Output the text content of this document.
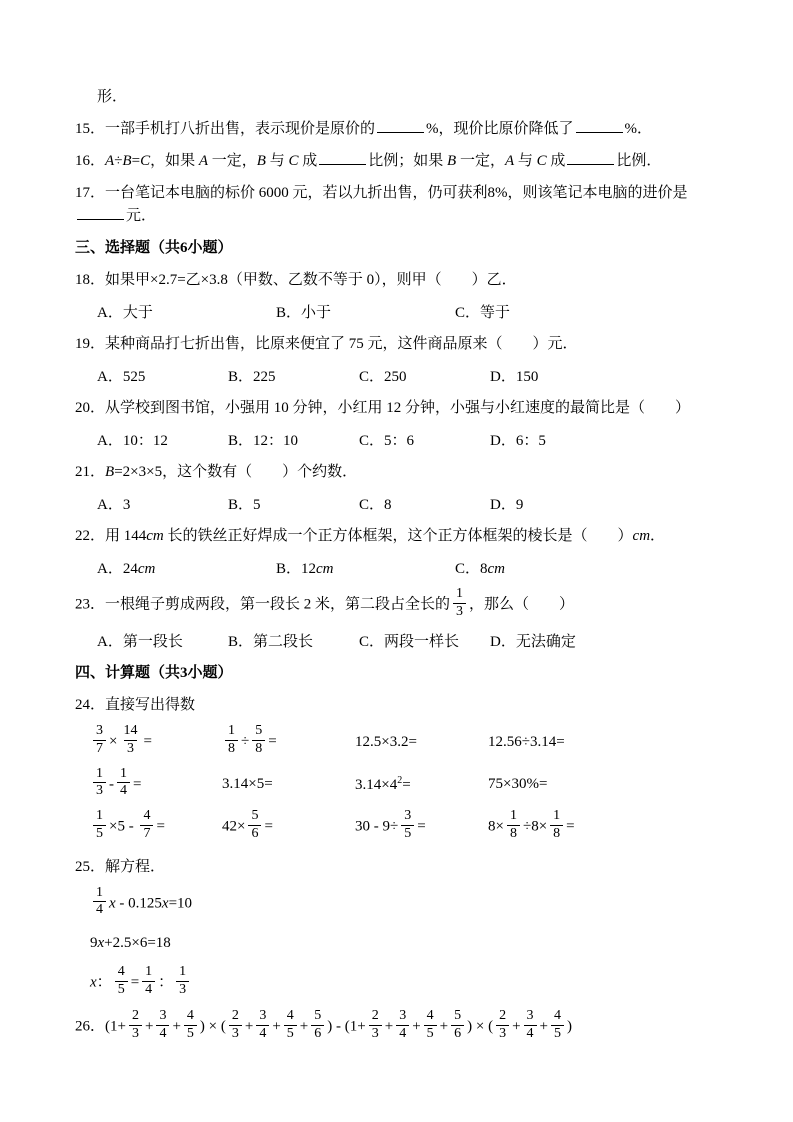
形．

15．一部手机打八折出售，表示现价是原价的	%，现价比原价降低了	%．

16．A÷B=C，如果 A 一定，B 与 C 成	比例；如果 B 一定，A 与 C 成	比例．

17．一台笔记本电脑的标价 6000 元，若以九折出售，仍可获利8%，则该笔记本电脑的进价是元．

三、选择题（共6小题）

18．如果甲×2.7=乙×3.8（甲数、乙数不等于 0），则甲（　　）乙．

A．大于	B．小于	C．等于

19．某种商品打七折出售，比原来便宜了 75 元，这件商品原来（　　）元．

A．525	B．225	C．250	D．150

20．从学校到图书馆，小强用 10 分钟，小红用 12 分钟，小强与小红速度的最简比是（　　）

A．10：12	B．12：10	C．5：6	D．6：5

21．B=2×3×5，这个数有（　　）个约数．

A．3	B．5	C．8	D．9

22．用 144cm 长的铁丝正好焊成一个正方体框架，这个正方体框架的棱长是（　　）cm．

A．24cm	B．12cm	C．8cm

23．一根绳子剪成两段，第一段长 2 米，第二段占全长的 $\frac{1}{3}$ ，那么（　　）

A．第一段长	B．第二段长	C．两段一样长	D．无法确定

四、计算题（共3小题）

24．直接写出得数

$\frac{3}{7} \times \frac{14}{3}$ =	$\frac{1}{8} \div \frac{5}{8}$ =	12.5×3.2=	12.56÷3.14=
$\frac{1}{3} - \frac{1}{4}$ =	3.14×5=	$3.14\times 4^2=$	75×30%=
$\frac{1}{5} \times 5 - \frac{4}{7}$ =	$42\times \frac{5}{6}$ =	$30 - 9\div \frac{3}{5}$ =	$8\times \frac{1}{8} \div 8\times \frac{1}{8}$ =

25．解方程．

$\frac{1}{4}$ x - 0.125x=10

9x+2.5×6=18

x： $\frac{4}{5} = \frac{1}{4}$ ： $\frac{1}{3}$

26．($1+ \frac{2}{3} + \frac{3}{4} + \frac{4}{5}$ ) × ( $\frac{2}{3} + \frac{3}{4} + \frac{4}{5} + \frac{5}{6}$ ) - ($1+ \frac{2}{3} + \frac{3}{4} + \frac{4}{5} + \frac{5}{6}$ ) × ( $\frac{2}{3} + \frac{3}{4} + \frac{4}{5}$ )
